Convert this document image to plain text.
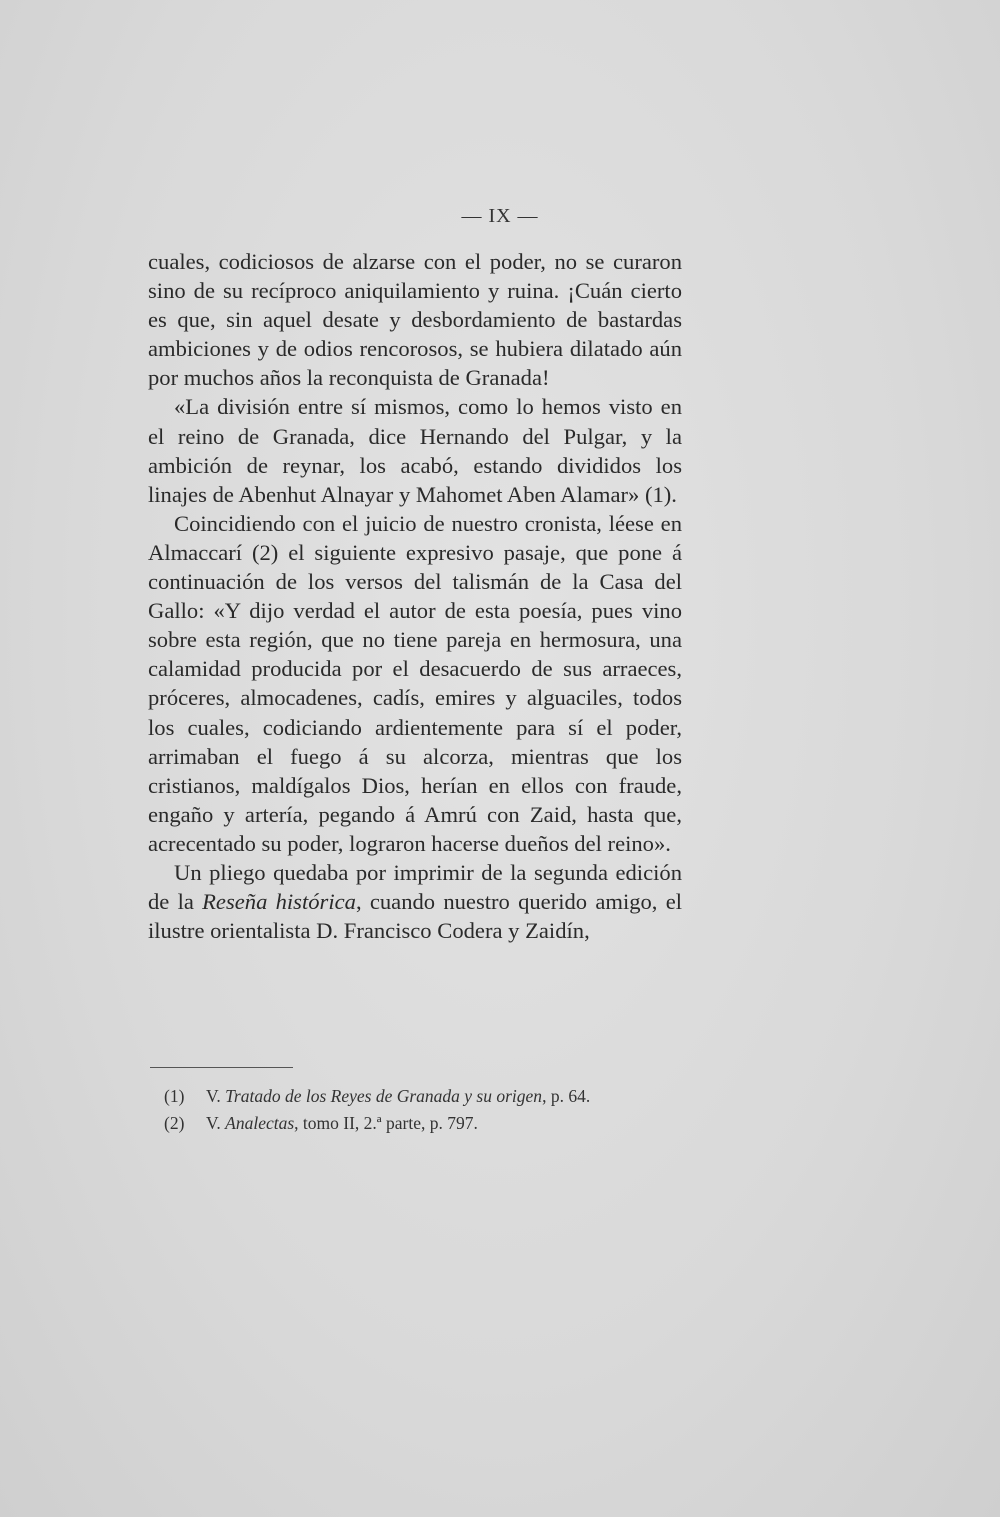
— IX —

cuales, codiciosos de alzarse con el poder, no se curaron sino de su recíproco aniquilamiento y ruina. ¡Cuán cierto es que, sin aquel desate y desbordamiento de bastardas ambiciones y de odios rencorosos, se hubiera dilatado aún por muchos años la reconquista de Granada!

«La división entre sí mismos, como lo hemos visto en el reino de Granada, dice Hernando del Pulgar, y la ambición de reynar, los acabó, estando divididos los linajes de Abenhut Alnayar y Mahomet Aben Alamar» (1).

Coincidiendo con el juicio de nuestro cronista, léese en Almaccarí (2) el siguiente expresivo pasaje, que pone á continuación de los versos del talismán de la Casa del Gallo: «Y dijo verdad el autor de esta poesía, pues vino sobre esta región, que no tiene pareja en hermosura, una calamidad producida por el desacuerdo de sus arraeces, próceres, almocadenes, cadís, emires y alguaciles, todos los cuales, codiciando ardientemente para sí el poder, arrimaban el fuego á su alcorza, mientras que los cristianos, maldígalos Dios, herían en ellos con fraude, engaño y artería, pegando á Amrú con Zaid, hasta que, acrecentado su poder, lograron hacerse dueños del reino».

Un pliego quedaba por imprimir de la segunda edición de la Reseña histórica, cuando nuestro querido amigo, el ilustre orientalista D. Francisco Codera y Zaidín,

(1) V. Tratado de los Reyes de Granada y su origen, p. 64.
(2) V. Analectas, tomo II, 2.ª parte, p. 797.
